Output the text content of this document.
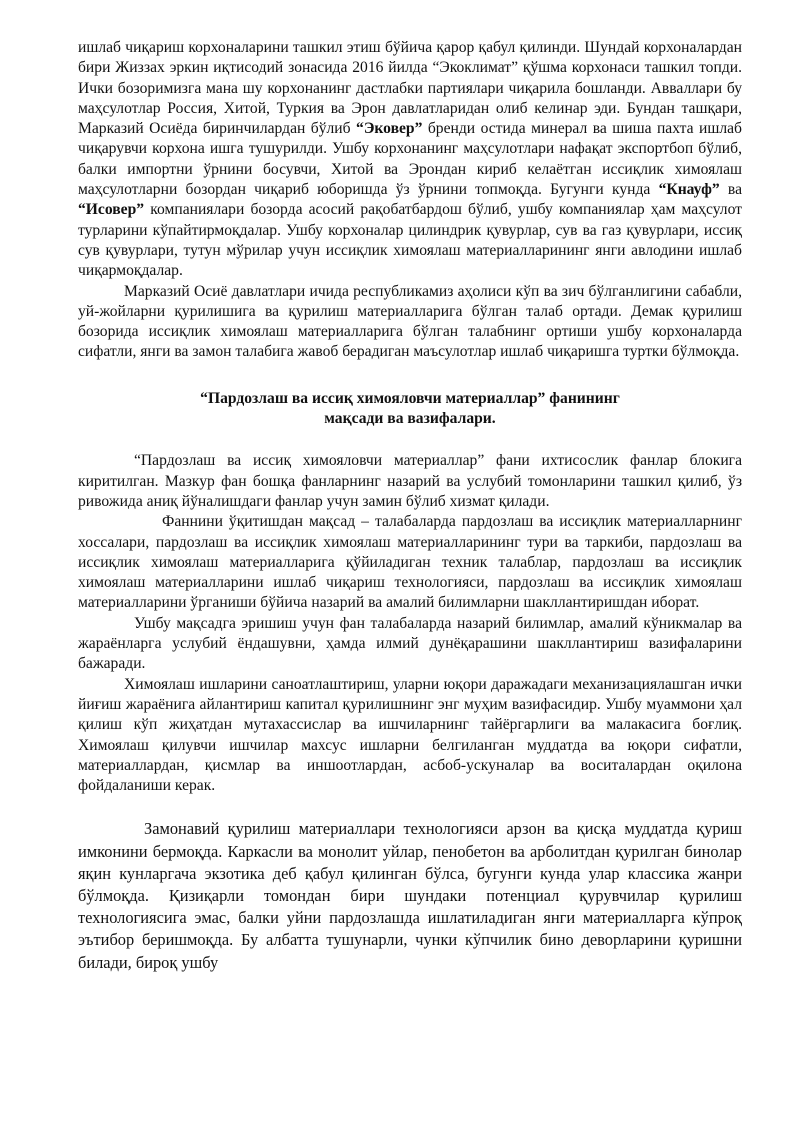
ишлаб чиқариш корхоналарини ташкил этиш бўйича қарор қабул қилинди. Шундай корхоналардан бири Жиззах эркин иқтисодий зонасида 2016 йилда “Экоклимат” қўшма корхонаси ташкил топди. Ички бозоримизга мана шу корхонанинг дастлабки партиялари чиқарила бошланди. Авваллари бу маҳсулотлар Россия, Хитой, Туркия ва Эрон давлатларидан олиб келинар эди. Бундан ташқари, Марказий Осиёда биринчилардан бўлиб “Эковер” бренди остида минерал ва шиша пахта ишлаб чиқарувчи корхона ишга тушурилди. Ушбу корхонанинг маҳсулотлари нафақат экспортбоп бўлиб, балки импортни ўрнини босувчи, Хитой ва Эрондан кириб келаётган иссиқлик химоялаш маҳсулотларни бозордан чиқариб юборишда ўз ўрнини топмоқда. Бугунги кунда “Кнауф” ва “Исовер” компаниялари бозорда асосий рақобатбардош бўлиб, ушбу компаниялар ҳам маҳсулот турларини кўпайтирмоқдалар. Ушбу корхоналар цилиндрик қувурлар, сув ва газ қувурлари, иссиқ сув қувурлари, тутун мўрилар учун иссиқлик химоялаш материалларининг янги авлодини ишлаб чиқармоқдалар.

Марказий Осиё давлатлари ичида республикамиз аҳолиси кўп ва зич бўлганлигини сабабли, уй-жойларни қурилишига ва қурилиш материалларига бўлган талаб ортади. Демак қурилиш бозорида иссиқлик химоялаш материалларига бўлган талабнинг ортиши ушбу корхоналарда сифатли, янги ва замон талабига жавоб берадиган маъсулотлар ишлаб чиқаришга туртки бўлмоқда.

“Пардозлаш ва иссиқ химояловчи материаллар” фанининг
мақсади ва вазифалари.

“Пардозлаш ва иссиқ химояловчи материаллар” фани ихтисослик фанлар блокига киритилган. Мазкур фан бошқа фанларнинг назарий ва услубий томонларини ташкил қилиб, ўз ривожида аниқ йўналишдаги фанлар учун замин бўлиб хизмат қилади.

Фаннини ўқитишдан мақсад – талабаларда пардозлаш ва иссиқлик материалларнинг хоссалари, пардозлаш ва иссиқлик химоялаш материалларининг тури ва таркиби, пардозлаш ва иссиқлик химоялаш материалларига қўйиладиган техник талаблар, пардозлаш ва иссиқлик химоялаш материалларини ишлаб чиқариш технологияси, пардозлаш ва иссиқлик химоялаш материалларини ўрганиши бўйича назарий ва амалий билимларни шакллантиришдан иборат.

Ушбу мақсадга эришиш учун фан талабаларда назарий билимлар, амалий кўникмалар ва жараёнларга услубий ёндашувни, ҳамда илмий дунёқарашини шакллантириш вазифаларини бажаради.

Химоялаш ишларини саноатлаштириш, уларни юқори даражадаги механизациялашган ички йиғиш жараёнига айлантириш капитал қурилишнинг энг муҳим вазифасидир. Ушбу муаммони ҳал қилиш кўп жиҳатдан мутахассислар ва ишчиларнинг тайёргарлиги ва малакасига боғлиқ. Химоялаш қилувчи ишчилар махсус ишларни белгиланган муддатда ва юқори сифатли, материаллардан, қисмлар ва иншоотлардан, асбоб-ускуналар ва воситалардан оқилона фойдаланиши керак.

Замонавий қурилиш материаллари технологияси арзон ва қисқа муддатда қуриш имконини бермоқда. Каркасли ва монолит уйлар, пенобетон ва арболитдан қурилган бинолар яқин кунларгача экзотика деб қабул қилинган бўлса, бугунги кунда улар классика жанри бўлмоқда. Қизиқарли томондан бири шундаки потенциал қурувчилар қурилиш технологиясига эмас, балки уйни пардозлашда ишлатиладиган янги материалларга кўпроқ эътибор беришмоқда. Бу албатта тушунарли, чунки кўпчилик бино деворларини қуришни билади, бироқ ушбу
